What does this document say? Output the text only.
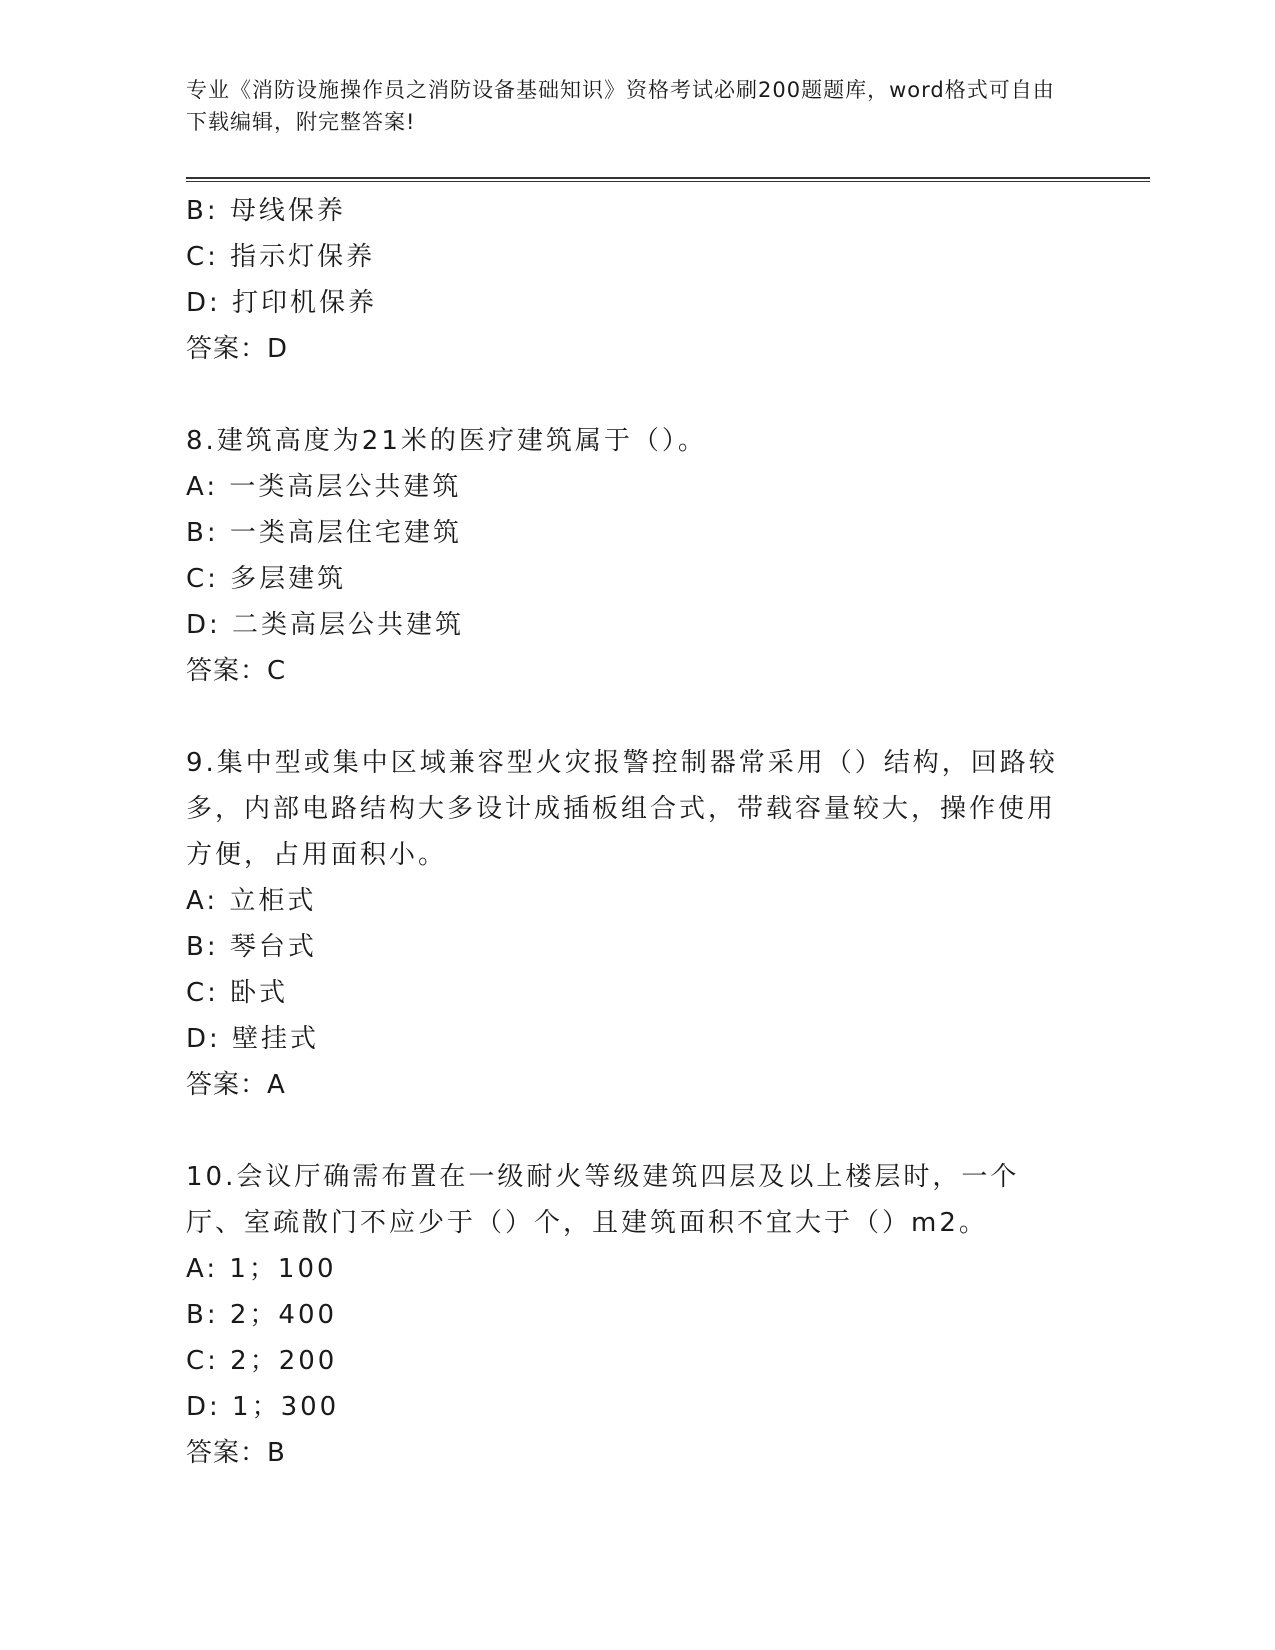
专业《消防设施操作员之消防设备基础知识》资格考试必刷200题题库，word格式可自由下载编辑，附完整答案!
B: 母线保养
C: 指示灯保养
D: 打印机保养
答案：D
8.建筑高度为21米的医疗建筑属于（）。
A: 一类高层公共建筑
B: 一类高层住宅建筑
C: 多层建筑
D: 二类高层公共建筑
答案：C
9.集中型或集中区域兼容型火灾报警控制器常采用（）结构，回路较多，内部电路结构大多设计成插板组合式，带载容量较大，操作使用方便，占用面积小。
A: 立柜式
B: 琴台式
C: 卧式
D: 壁挂式
答案：A
10.会议厅确需布置在一级耐火等级建筑四层及以上楼层时，一个厅、室疏散门不应少于（）个，且建筑面积不宜大于（）m2。
A: 1；100
B: 2；400
C: 2；200
D: 1；300
答案：B
